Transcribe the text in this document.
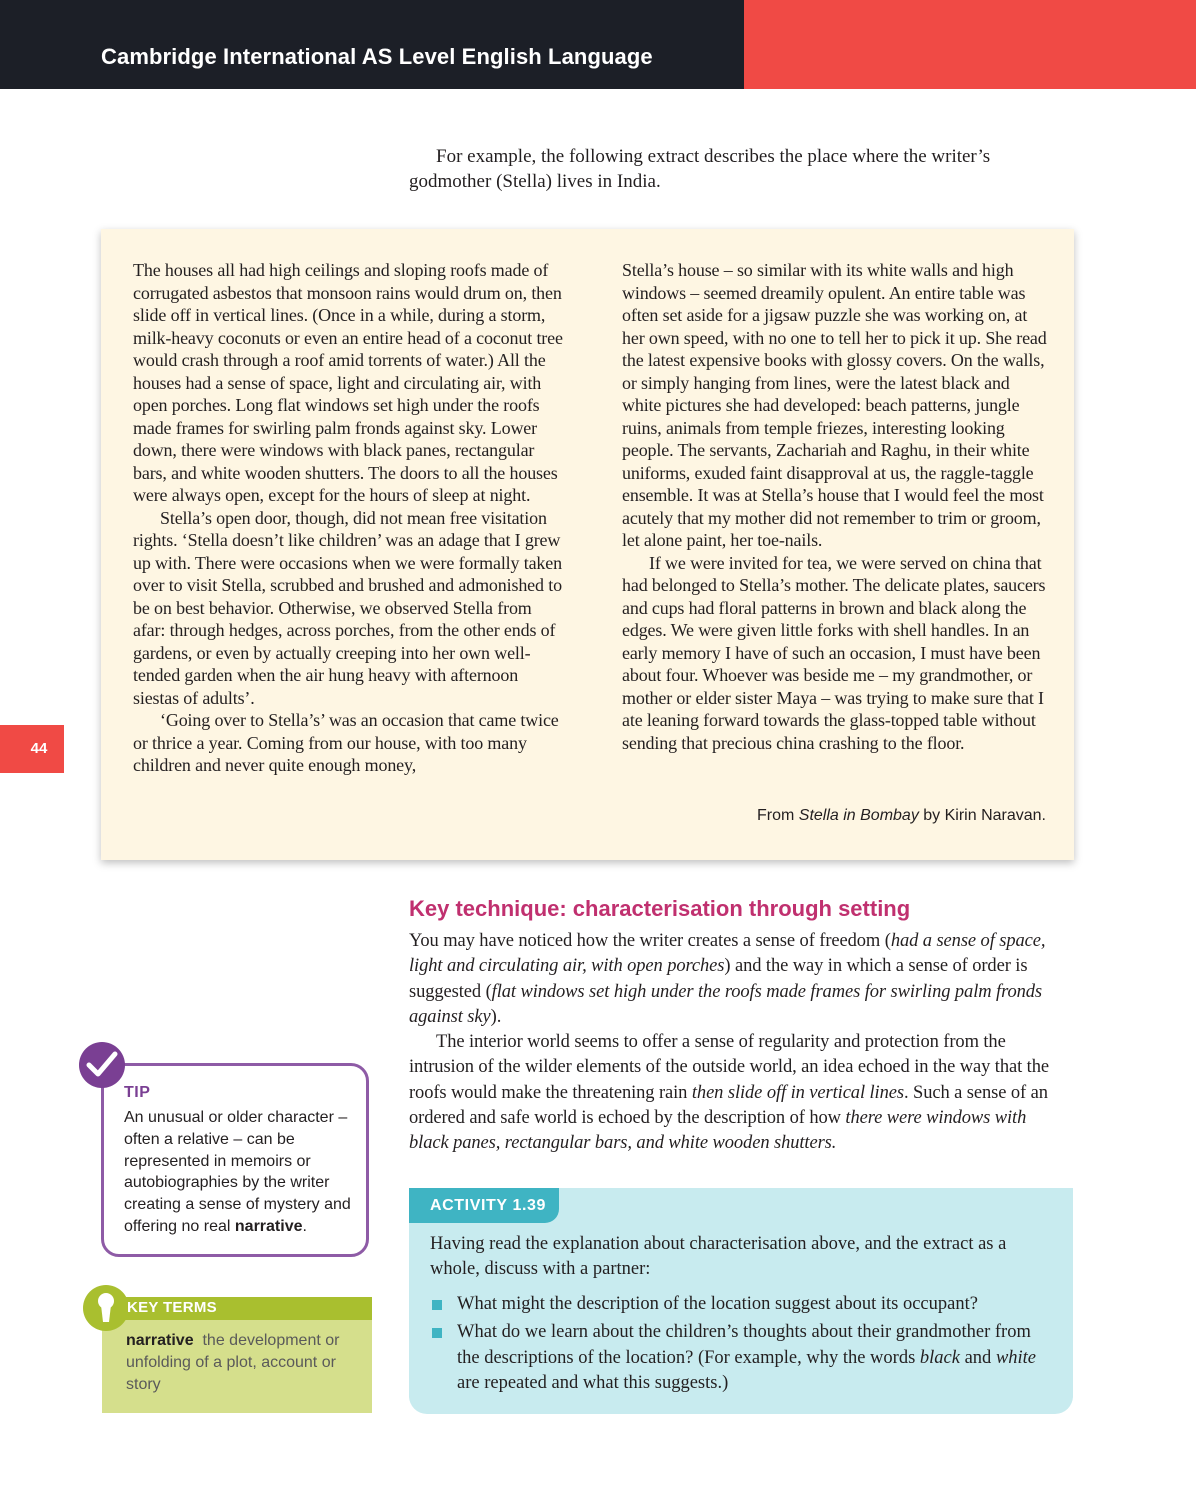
Cambridge International AS Level English Language

For example, the following extract describes the place where the writer’s godmother (Stella) lives in India.

The houses all had high ceilings and sloping roofs made of corrugated asbestos that monsoon rains would drum on, then slide off in vertical lines. (Once in a while, during a storm, milk-heavy coconuts or even an entire head of a coconut tree would crash through a roof amid torrents of water.) All the houses had a sense of space, light and circulating air, with open porches. Long flat windows set high under the roofs made frames for swirling palm fronds against sky. Lower down, there were windows with black panes, rectangular bars, and white wooden shutters. The doors to all the houses were always open, except for the hours of sleep at night.

Stella’s open door, though, did not mean free visitation rights. ‘Stella doesn’t like children’ was an adage that I grew up with. There were occasions when we were formally taken over to visit Stella, scrubbed and brushed and admonished to be on best behavior. Otherwise, we observed Stella from afar: through hedges, across porches, from the other ends of gardens, or even by actually creeping into her own well-tended garden when the air hung heavy with afternoon siestas of adults’.

‘Going over to Stella’s’ was an occasion that came twice or thrice a year. Coming from our house, with too many children and never quite enough money,

Stella’s house – so similar with its white walls and high windows – seemed dreamily opulent. An entire table was often set aside for a jigsaw puzzle she was working on, at her own speed, with no one to tell her to pick it up. She read the latest expensive books with glossy covers. On the walls, or simply hanging from lines, were the latest black and white pictures she had developed: beach patterns, jungle ruins, animals from temple friezes, interesting looking people. The servants, Zachariah and Raghu, in their white uniforms, exuded faint disapproval at us, the raggle-taggle ensemble. It was at Stella’s house that I would feel the most acutely that my mother did not remember to trim or groom, let alone paint, her toe-nails.

If we were invited for tea, we were served on china that had belonged to Stella’s mother. The delicate plates, saucers and cups had floral patterns in brown and black along the edges. We were given little forks with shell handles. In an early memory I have of such an occasion, I must have been about four. Whoever was beside me – my grandmother, or mother or elder sister Maya – was trying to make sure that I ate leaning forward towards the glass-topped table without sending that precious china crashing to the floor.

From Stella in Bombay by Kirin Naravan.
44
Key technique: characterisation through setting

You may have noticed how the writer creates a sense of freedom (had a sense of space, light and circulating air, with open porches) and the way in which a sense of order is suggested (flat windows set high under the roofs made frames for swirling palm fronds against sky).

The interior world seems to offer a sense of regularity and protection from the intrusion of the wilder elements of the outside world, an idea echoed in the way that the roofs would make the threatening rain then slide off in vertical lines. Such a sense of an ordered and safe world is echoed by the description of how there were windows with black panes, rectangular bars, and white wooden shutters.

TIP
An unusual or older character – often a relative – can be represented in memoirs or autobiographies by the writer creating a sense of mystery and offering no real narrative.
KEY TERMS
narrative the development or unfolding of a plot, account or story
ACTIVITY 1.39
Having read the explanation about characterisation above, and the extract as a whole, discuss with a partner:
What might the description of the location suggest about its occupant?
What do we learn about the children’s thoughts about their grandmother from the descriptions of the location? (For example, why the words black and white are repeated and what this suggests.)
